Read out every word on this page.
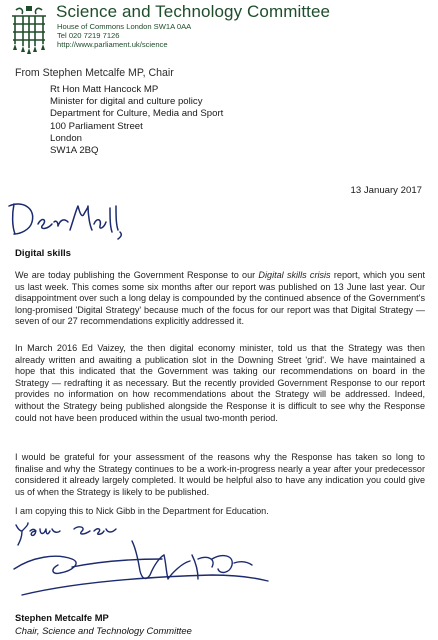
Science and Technology Committee
House of Commons London SW1A 0AA
Tel 020 7219 7126
http://www.parliament.uk/science
From Stephen Metcalfe MP, Chair
Rt Hon Matt Hancock MP
Minister for digital and culture policy
Department for Culture, Media and Sport
100 Parliament Street
London
SW1A 2BQ
13 January 2017
Digital skills

We are today publishing the Government Response to our Digital skills crisis report, which you sent us last week. This comes some six months after our report was published on 13 June last year. Our disappointment over such a long delay is compounded by the continued absence of the Government's long-promised 'Digital Strategy' because much of the focus for our report was that Digital Strategy — seven of our 27 recommendations explicitly addressed it.

In March 2016 Ed Vaizey, the then digital economy minister, told us that the Strategy was then already written and awaiting a publication slot in the Downing Street 'grid'. We have maintained a hope that this indicated that the Government was taking our recommendations on board in the Strategy — redrafting it as necessary. But the recently provided Government Response to our report provides no information on how recommendations about the Strategy will be addressed. Indeed, without the Strategy being published alongside the Response it is difficult to see why the Response could not have been produced within the usual two-month period.

I would be grateful for your assessment of the reasons why the Response has taken so long to finalise and why the Strategy continues to be a work-in-progress nearly a year after your predecessor considered it already largely completed. It would be helpful also to have any indication you could give us of when the Strategy is likely to be published.

I am copying this to Nick Gibb in the Department for Education.

Stephen Metcalfe MP
Chair, Science and Technology Committee
